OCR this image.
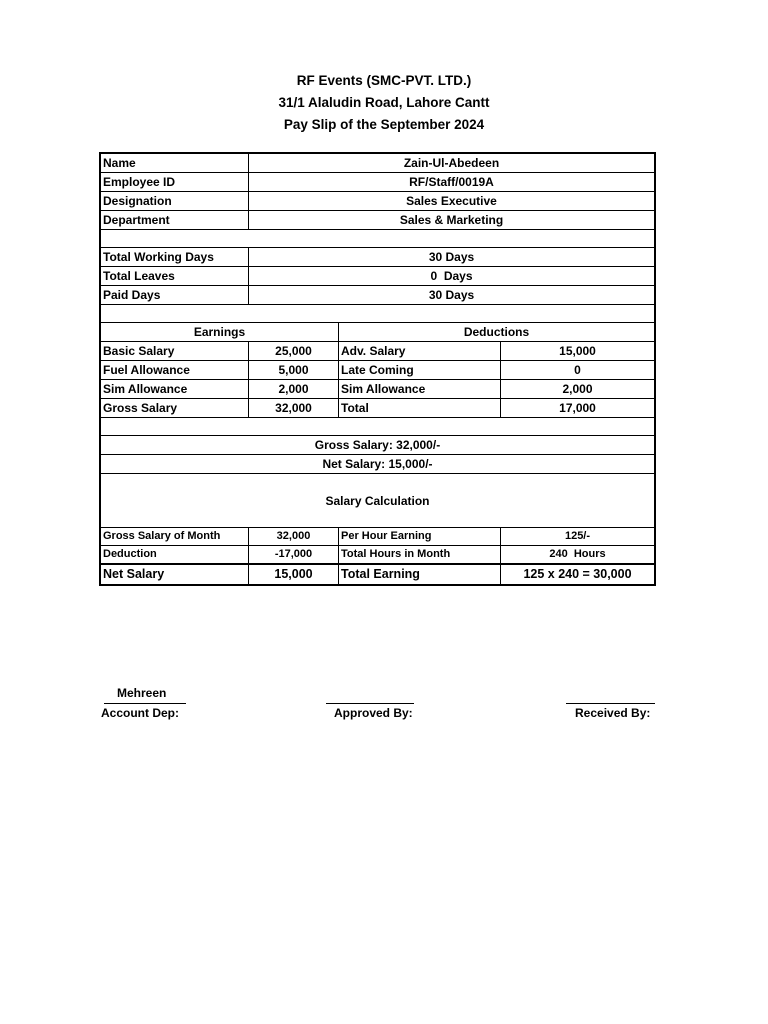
RF Events (SMC-PVT. LTD.)
31/1 Alaludin Road, Lahore Cantt
Pay Slip of the September 2024
Name	Zain-Ul-Abedeen
Employee ID	RF/Staff/0019A
Designation	Sales Executive
Department	Sales & Marketing
Total Working Days	30 Days
Total Leaves	0  Days
Paid Days	30 Days
Earnings	Deductions
Basic Salary	25,000	Adv. Salary	15,000
Fuel Allowance	5,000	Late Coming	0
Sim Allowance	2,000	Sim Allowance	2,000
Gross Salary	32,000	Total	17,000
Gross Salary: 32,000/-
Net Salary: 15,000/-
Salary Calculation
Gross Salary of Month	32,000	Per Hour Earning	125/-
Deduction	-17,000	Total Hours in Month	240  Hours
Net Salary	15,000	Total Earning	125 x 240 = 30,000
Mehreen
Account Dep:	Approved By:	Received By:
